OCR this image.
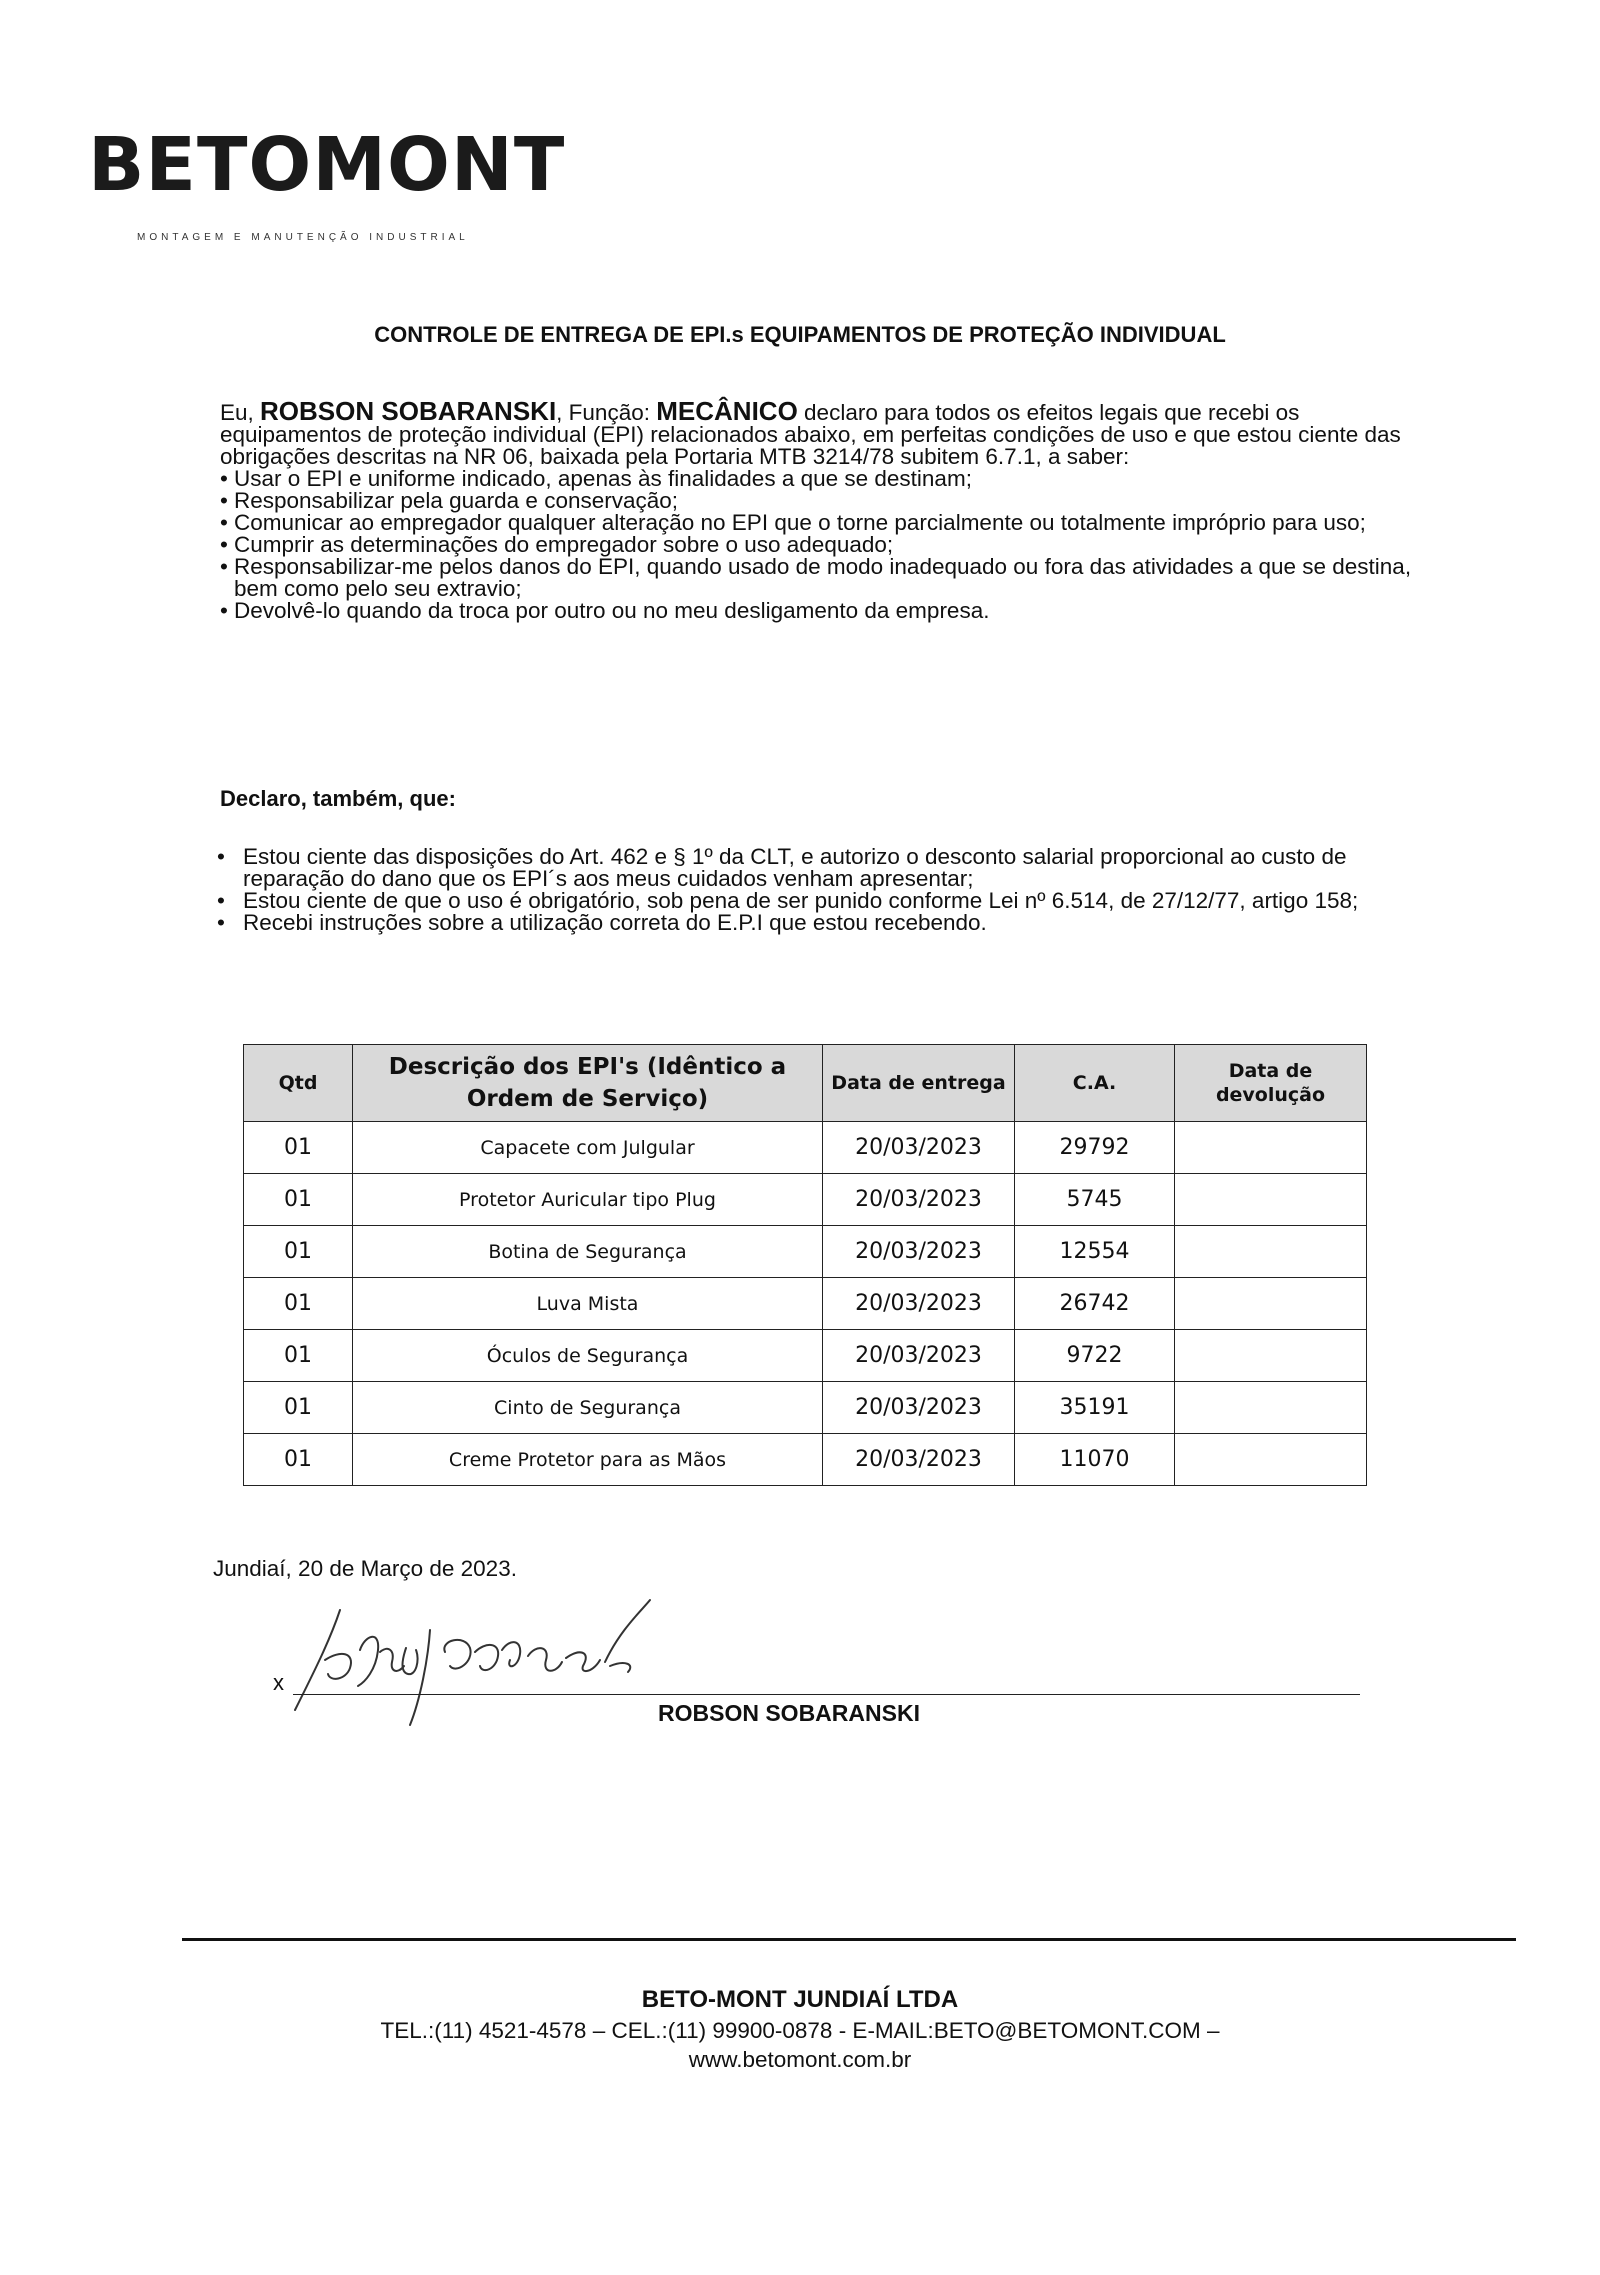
BETOMONT
MONTAGEM E MANUTENÇÃO INDUSTRIAL
CONTROLE DE ENTREGA DE EPI.s EQUIPAMENTOS DE PROTEÇÃO INDIVIDUAL

Eu, ROBSON SOBARANSKI, Função: MECÂNICO declaro para todos os efeitos legais que recebi os equipamentos de proteção individual (EPI) relacionados abaixo, em perfeitas condições de uso e que estou ciente das obrigações descritas na NR 06, baixada pela Portaria MTB 3214/78 subitem 6.7.1, a saber:

• Usar o EPI e uniforme indicado, apenas às finalidades a que se destinam;
• Responsabilizar pela guarda e conservação;
• Comunicar ao empregador qualquer alteração no EPI que o torne parcialmente ou totalmente impróprio para uso;
• Cumprir as determinações do empregador sobre o uso adequado;
• Responsabilizar-me pelos danos do EPI, quando usado de modo inadequado ou fora das atividades a que se destina, bem como pelo seu extravio;
• Devolvê-lo quando da troca por outro ou no meu desligamento da empresa.
Declaro, também, que:
• Estou ciente das disposições do Art. 462 e § 1º da CLT, e autorizo o desconto salarial proporcional ao custo de reparação do dano que os EPI´s aos meus cuidados venham apresentar;
• Estou ciente de que o uso é obrigatório, sob pena de ser punido conforme Lei nº 6.514, de 27/12/77, artigo 158;
• Recebi instruções sobre a utilização correta do E.P.I que estou recebendo.
Qtd	Descrição dos EPI's (Idêntico a Ordem de Serviço)	Data de entrega	C.A.	Data de devolução
01	Capacete com Julgular	20/03/2023	29792	
01	Protetor Auricular tipo Plug	20/03/2023	5745	
01	Botina de Segurança	20/03/2023	12554	
01	Luva Mista	20/03/2023	26742	
01	Óculos de Segurança	20/03/2023	9722	
01	Cinto de Segurança	20/03/2023	35191	
01	Creme Protetor para as Mãos	20/03/2023	11070	
Jundiaí, 20 de Março de 2023.
x
ROBSON SOBARANSKI
BETO-MONT JUNDIAÍ LTDA
TEL.:(11) 4521-4578 – CEL.:(11) 99900-0878 - E-MAIL:BETO@BETOMONT.COM –
www.betomont.com.br
